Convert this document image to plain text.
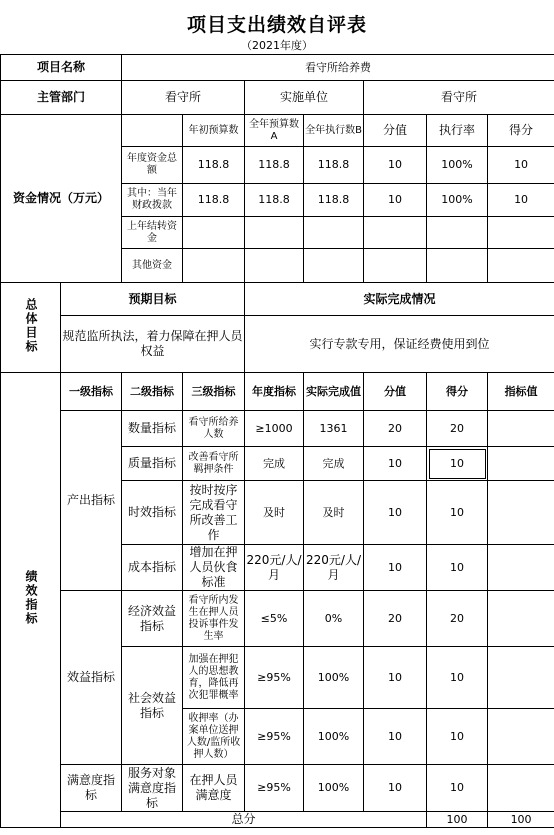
项目支出绩效自评表
（2021年度）
项目名称		看守所给养费							
主管部门		看守所		实施单位		看守所			
资金情况（万元）			年初预算数	全年预算数A	全年执行数B	分值	执行率	得分	
		年度资金总额	118.8	118.8	118.8	10	100%	10	
		其中：当年财政拨款	118.8	118.8	118.8	10	100%	10	
		上年结转资金							
		其他资金							
总体目标	预期目标			实际完成情况					
	规范监所执法，着力保障在押人员权益			实行专款专用，保证经费使用到位					
绩效指标	一级指标	二级指标	三级指标	年度指标	实际完成值	分值	得分	指标值	
	产出指标	数量指标	看守所给养人数	≥1000	1361	20	20		
		质量指标	改善看守所羁押条件	完成	完成	10	10		
		时效指标	按时按序完成看守所改善工作	及时	及时	10	10		
		成本指标	增加在押人员伙食标准	220元/人/月	220元/人/月	10	10		
	效益指标	经济效益指标	看守所内发生在押人员投诉事件发生率	≤5%	0%	20	20		
		社会效益指标	加强在押犯人的思想教育，降低再次犯罪概率	≥95%	100%	10	10		
			收押率（办案单位送押人数/监所收押人数）	≥95%	100%	10	10		
	满意度指标	服务对象满意度指标	在押人员满意度	≥95%	100%	10	10		
	总分						100	100	
